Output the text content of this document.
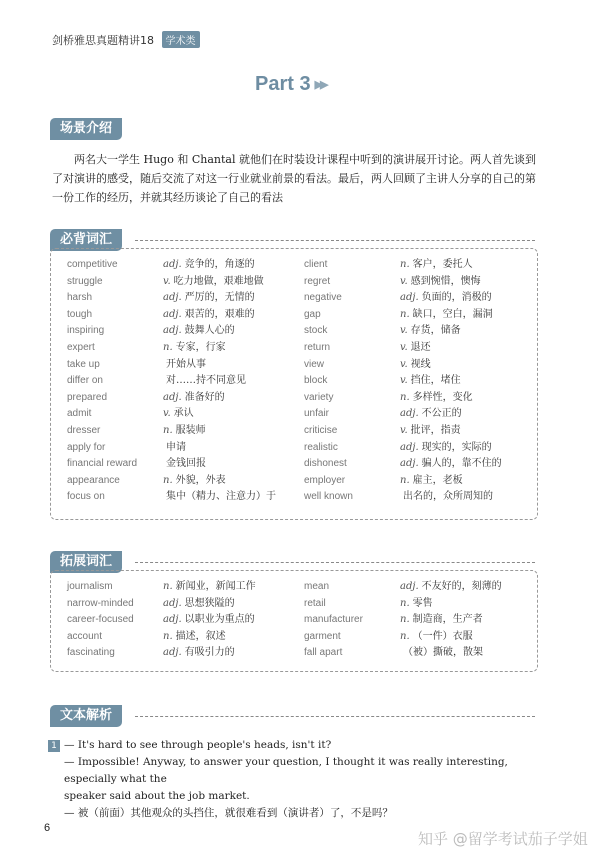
剑桥雅思真题精讲18 学术类
Part 3 ▶▶
场景介绍
两名大一学生 Hugo 和 Chantal 就他们在时装设计课程中听到的演讲展开讨论。两人首先谈到了对演讲的感受，随后交流了对这一行业就业前景的看法。最后，两人回顾了主讲人分享的自己的第一份工作的经历，并就其经历谈论了自己的看法
必背词汇
competitive	adj. 竞争的，角逐的	client	n. 客户，委托人
struggle	v. 吃力地做，艰难地做	regret	v. 感到惋惜，懊悔
harsh	adj. 严厉的，无情的	negative	adj. 负面的，消极的
tough	adj. 艰苦的，艰难的	gap	n. 缺口，空白，漏洞
inspiring	adj. 鼓舞人心的	stock	v. 存货，储备
expert	n. 专家，行家	return	v. 退还
take up	开始从事	view	v. 视线
differ on	对……持不同意见	block	v. 挡住，堵住
prepared	adj. 准备好的	variety	n. 多样性，变化
admit	v. 承认	unfair	adj. 不公正的
dresser	n. 服装师	criticise	v. 批评，指责
apply for	申请	realistic	adj. 现实的，实际的
financial reward	金钱回报	dishonest	adj. 骗人的，靠不住的
appearance	n. 外貌，外表	employer	n. 雇主，老板
focus on	集中（精力、注意力）于	well known	出名的，众所周知的
拓展词汇
journalism	n. 新闻业，新闻工作	mean	adj. 不友好的，刻薄的
narrow-minded	adj. 思想狭隘的	retail	n. 零售
career-focused	adj. 以职业为重点的	manufacturer	n. 制造商，生产者
account	n. 描述，叙述	garment	n. （一件）衣服
fascinating	adj. 有吸引力的	fall apart	（被）撕破，散架
文本解析
1 — It's hard to see through people's heads, isn't it?
— Impossible! Anyway, to answer your question, I thought it was really interesting, especially what the
speaker said about the job market.
— 被（前面）其他观众的头挡住，就很难看到（演讲者）了，不是吗？
6
知乎 @留学考试茄子学姐
